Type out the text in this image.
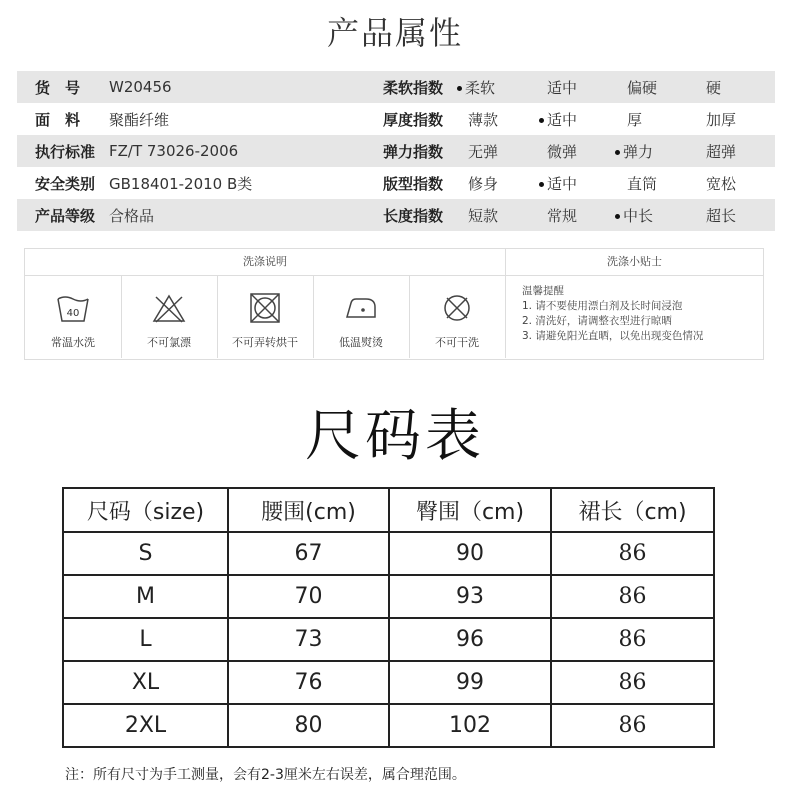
产品属性
货　号 W20456	柔软指数	柔软	适中	偏硬	硬
面　料 聚酯纤维	厚度指数 薄款	适中	厚	加厚
执行标准 FZ/T 73026-2006	弹力指数 无弹	微弹	弹力	超弹
安全类别 GB18401-2010 B类	版型指数 修身	适中	直筒	宽松
产品等级 合格品	长度指数 短款	常规	中长	超长
洗涤说明	洗涤小贴士
40
常温水洗	不可氯漂	不可弄转烘干	低温熨烫	不可干洗
温馨提醒
1. 请不要使用漂白剂及长时间浸泡
2. 清洗好，请调整衣型进行晾晒
3. 请避免阳光直晒，以免出现变色情况
尺码表
尺码（size)	腰围(cm)	臀围（cm)	裙长（cm)
S	67	90	86
M	70	93	86
L	73	96	86
XL	76	99	86
2XL	80	102	86
注：所有尺寸为手工测量，会有2-3厘米左右误差，属合理范围。
